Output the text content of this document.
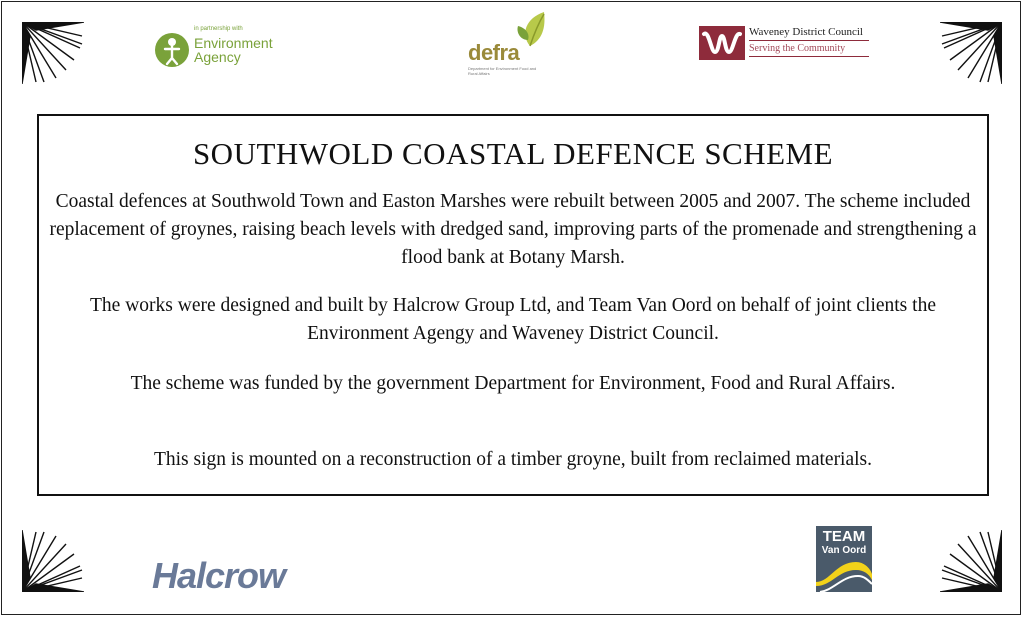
in partnership with
Environment
Agency	defra
Department for Environment Food and Rural Affairs
Waveney District Council
Serving the Community
SOUTHWOLD COASTAL DEFENCE SCHEME

Coastal defences at Southwold Town and Easton Marshes were rebuilt between 2005 and 2007. The scheme included replacement of groynes, raising beach levels with dredged sand, improving parts of the promenade and strengthening a flood bank at Botany Marsh.

The works were designed and built by Halcrow Group Ltd, and Team Van Oord on behalf of joint clients the Environment Agengy and Waveney District Council.

The scheme was funded by the government Department for Environment, Food and Rural Affairs.

This sign is mounted on a reconstruction of a timber groyne, built from reclaimed materials.

Halcrow
TEAM
Van Oord
